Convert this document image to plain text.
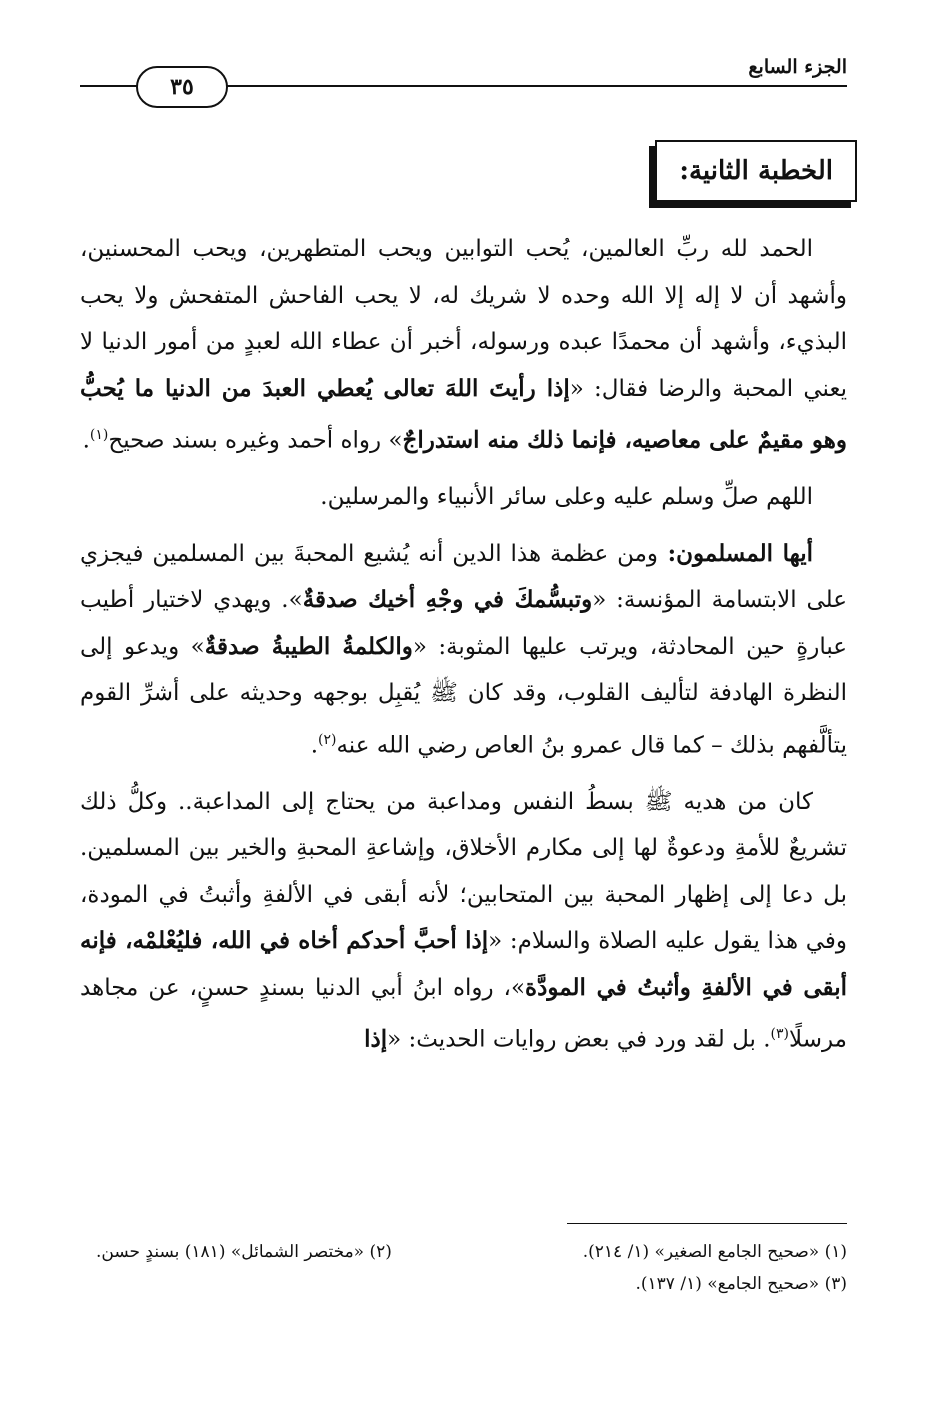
الجزء السابع
٣٥
الخطبة الثانية:

الحمد لله ربِّ العالمين، يُحب التوابين ويحب المتطهرين، ويحب المحسنين، وأشهد أن لا إله إلا الله وحده لا شريك له، لا يحب الفاحش المتفحش ولا يحب البذيء، وأشهد أن محمدًا عبده ورسوله، أخبر أن عطاء الله لعبدٍ من أمور الدنيا لا يعني المحبة والرضا فقال: «إذا رأيتَ اللهَ تعالى يُعطي العبدَ من الدنيا ما يُحبُّ وهو مقيمٌ على معاصيه، فإنما ذلك منه استدراجٌ» رواه أحمد وغيره بسند صحيح$^{(١)}$.

اللهم صلِّ وسلم عليه وعلى سائر الأنبياء والمرسلين.

أيها المسلمون: ومن عظمة هذا الدين أنه يُشيع المحبةَ بين المسلمين فيجزي على الابتسامة المؤنسة: «وتبسُّمكَ في وجْهِ أخيك صدقةٌ». ويهدي لاختيار أطيب عبارةٍ حين المحادثة، ويرتب عليها المثوبة: «والكلمةُ الطيبةُ صدقةٌ» ويدعو إلى النظرة الهادفة لتأليف القلوب، وقد كان ﷺ يُقبِل بوجهه وحديثه على أشرِّ القوم يتألَّفهم بذلك – كما قال عمرو بنُ العاص رضي الله عنه$^{(٢)}$.

كان من هديه ﷺ بسطُ النفس ومداعبة من يحتاج إلى المداعبة.. وكلُّ ذلك تشريعٌ للأمةِ ودعوةٌ لها إلى مكارم الأخلاق، وإشاعةِ المحبةِ والخير بين المسلمين. بل دعا إلى إظهار المحبة بين المتحابين؛ لأنه أبقى في الألفةِ وأثبتُ في المودة، وفي هذا يقول عليه الصلاة والسلام: «إذا أحبَّ أحدكم أخاه في الله، فليُعْلمْه، فإنه أبقى في الألفةِ وأثبتُ في المودَّة»، رواه ابنُ أبي الدنيا بسندٍ حسنٍ، عن مجاهد مرسلًا$^{(٣)}$. بل لقد ورد في بعض روايات الحديث: «إذا

(١) «صحيح الجامع الصغير» (١/ ٢١٤).
(٢) «مختصر الشمائل» (١٨١) بسندٍ حسن.
(٣) «صحيح الجامع» (١/ ١٣٧).
